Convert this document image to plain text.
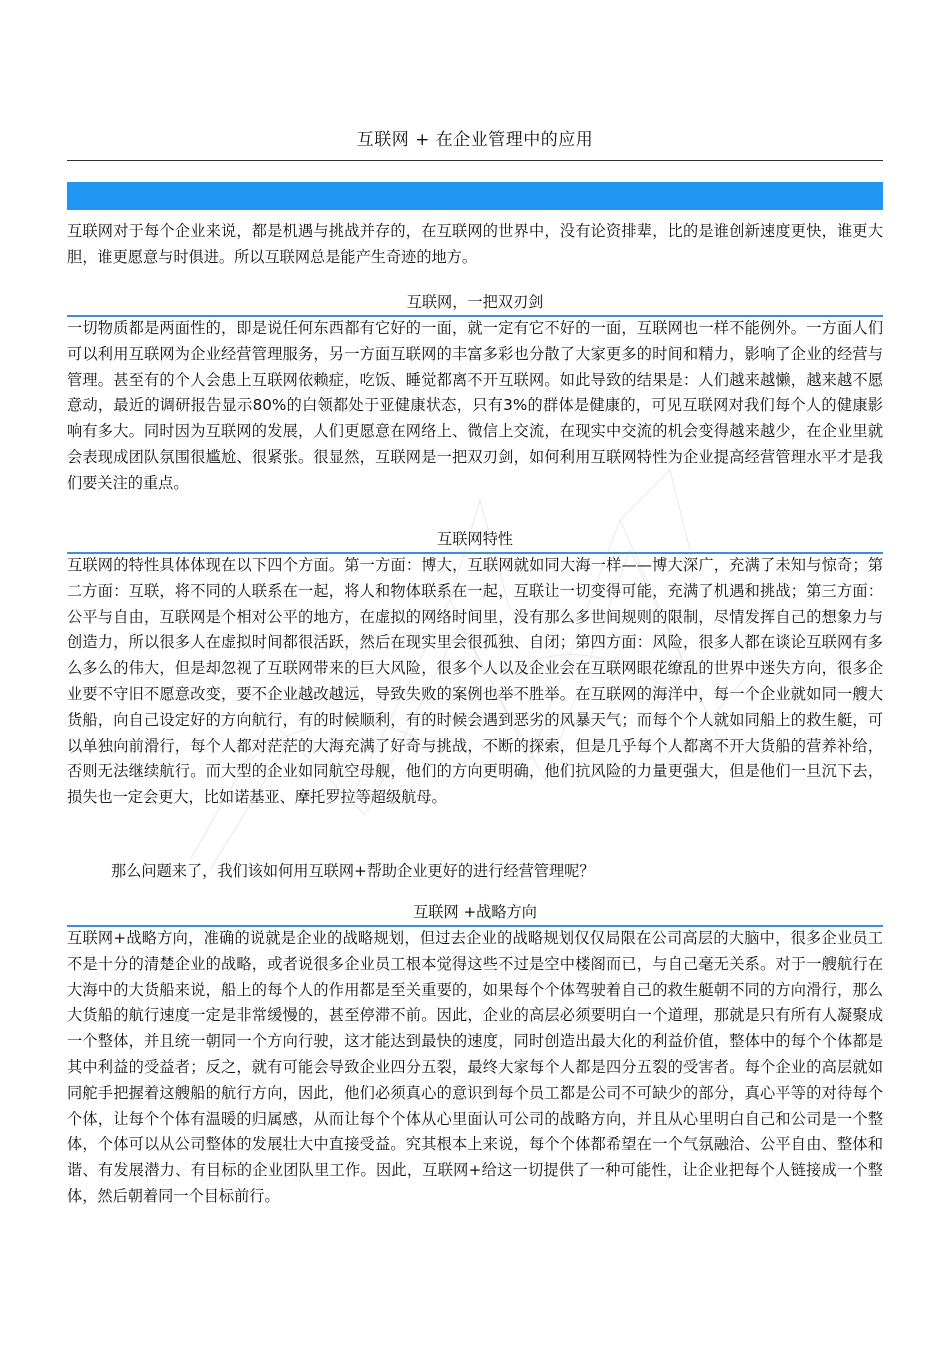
互联网 + 在企业管理中的应用

互联网对于每个企业来说，都是机遇与挑战并存的，在互联网的世界中，没有论资排辈，比的是谁创新速度更快，谁更大胆，谁更愿意与时俱进。所以互联网总是能产生奇迹的地方。

互联网，一把双刃剑

一切物质都是两面性的，即是说任何东西都有它好的一面，就一定有它不好的一面，互联网也一样不能例外。一方面人们可以利用互联网为企业经营管理服务，另一方面互联网的丰富多彩也分散了大家更多的时间和精力，影响了企业的经营与管理。甚至有的个人会患上互联网依赖症，吃饭、睡觉都离不开互联网。如此导致的结果是：人们越来越懒，越来越不愿意动，最近的调研报告显示80%的白领都处于亚健康状态，只有3%的群体是健康的，可见互联网对我们每个人的健康影响有多大。同时因为互联网的发展，人们更愿意在网络上、微信上交流，在现实中交流的机会变得越来越少，在企业里就会表现成团队氛围很尴尬、很紧张。很显然，互联网是一把双刃剑，如何利用互联网特性为企业提高经营管理水平才是我们要关注的重点。

互联网特性

互联网的特性具体体现在以下四个方面。第一方面：博大，互联网就如同大海一样——博大深广，充满了未知与惊奇；第二方面：互联，将不同的人联系在一起，将人和物体联系在一起，互联让一切变得可能，充满了机遇和挑战；第三方面：公平与自由，互联网是个相对公平的地方，在虚拟的网络时间里，没有那么多世间规则的限制，尽情发挥自己的想象力与创造力，所以很多人在虚拟时间都很活跃，然后在现实里会很孤独、自闭；第四方面：风险，很多人都在谈论互联网有多么多么的伟大，但是却忽视了互联网带来的巨大风险，很多个人以及企业会在互联网眼花缭乱的世界中迷失方向，很多企业要不守旧不愿意改变，要不企业越改越远，导致失败的案例也举不胜举。在互联网的海洋中，每一个企业就如同一艘大货船，向自己设定好的方向航行，有的时候顺利，有的时候会遇到恶劣的风暴天气；而每个个人就如同船上的救生艇，可以单独向前滑行，每个人都对茫茫的大海充满了好奇与挑战，不断的探索，但是几乎每个人都离不开大货船的营养补给，否则无法继续航行。而大型的企业如同航空母舰，他们的方向更明确，他们抗风险的力量更强大，但是他们一旦沉下去，损失也一定会更大，比如诺基亚、摩托罗拉等超级航母。

那么问题来了，我们该如何用互联网+帮助企业更好的进行经营管理呢？

互联网 +战略方向

互联网+战略方向，准确的说就是企业的战略规划，但过去企业的战略规划仅仅局限在公司高层的大脑中，很多企业员工不是十分的清楚企业的战略，或者说很多企业员工根本觉得这些不过是空中楼阁而已，与自己毫无关系。对于一艘航行在大海中的大货船来说，船上的每个人的作用都是至关重要的，如果每个个体驾驶着自己的救生艇朝不同的方向滑行，那么大货船的航行速度一定是非常缓慢的，甚至停滞不前。因此，企业的高层必须要明白一个道理，那就是只有所有人凝聚成一个整体，并且统一朝同一个方向行驶，这才能达到最快的速度，同时创造出最大化的利益价值，整体中的每个个体都是其中利益的受益者；反之，就有可能会导致企业四分五裂，最终大家每个人都是四分五裂的受害者。每个企业的高层就如同舵手把握着这艘船的航行方向，因此，他们必须真心的意识到每个员工都是公司不可缺少的部分，真心平等的对待每个个体，让每个个体有温暖的归属感，从而让每个个体从心里面认可公司的战略方向，并且从心里明白自己和公司是一个整体，个体可以从公司整体的发展壮大中直接受益。究其根本上来说，每个个体都希望在一个气氛融洽、公平自由、整体和谐、有发展潜力、有目标的企业团队里工作。因此，互联网+给这一切提供了一种可能性，让企业把每个人链接成一个整体，然后朝着同一个目标前行。
